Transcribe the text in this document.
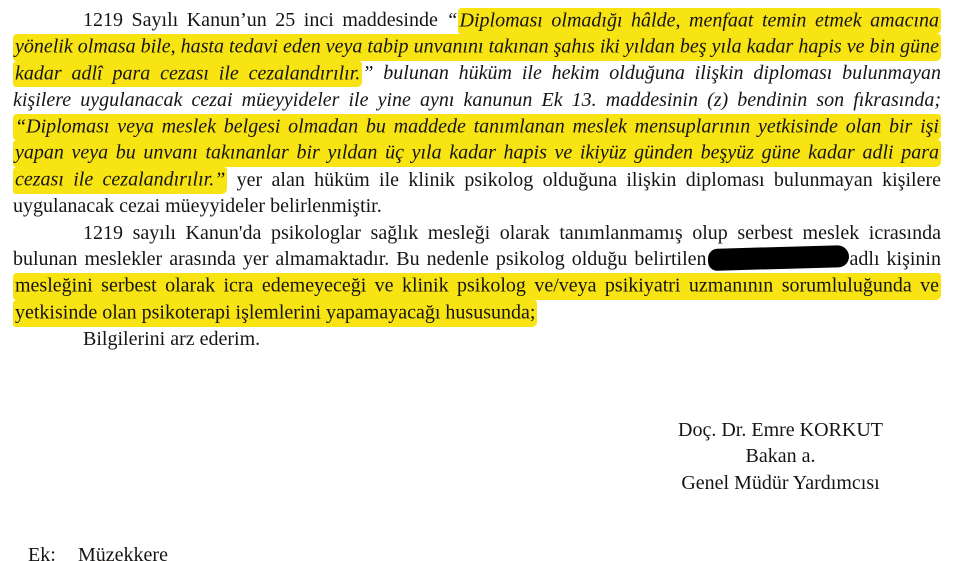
1219 Sayılı Kanun’un 25 inci maddesinde “ Diploması olmadığı hâlde, menfaat temin etmek amacına yönelik olmasa bile, hasta tedavi eden veya tabip unvanını takınan şahıs iki yıldan beş yıla kadar hapis ve bin güne kadar adlî para cezası ile cezalandırılır. ” bulunan hüküm ile hekim olduğuna ilişkin diploması bulunmayan kişilere uygulanacak cezai müeyyideler ile yine aynı kanunun Ek 13. maddesinin (z) bendinin son fıkrasında; “Diploması veya meslek belgesi olmadan bu maddede tanımlanan meslek mensuplarının yetkisinde olan bir işi yapan veya bu unvanı takınanlar bir yıldan üç yıla kadar hapis ve ikiyüz günden beşyüz güne kadar adli para cezası ile cezalandırılır.” yer alan hüküm ile klinik psikolog olduğuna ilişkin diploması bulunmayan kişilere uygulanacak cezai müeyyideler belirlenmiştir.

1219 sayılı Kanun'da psikologlar sağlık mesleği olarak tanımlanmamış olup serbest meslek icrasında bulunan meslekler arasında yer almamaktadır. Bu nedenle psikolog olduğu belirtilen	adlı kişinin mesleğini serbest olarak icra edemeyeceği ve klinik psikolog ve/veya psikiyatri uzmanının sorumluluğunda ve yetkisinde olan psikoterapi işlemlerini yapamayacağı hususunda;

Bilgilerini arz ederim.

Doç. Dr. Emre KORKUT
Bakan a.
Genel Müdür Yardımcısı
Ek: Müzekkere
